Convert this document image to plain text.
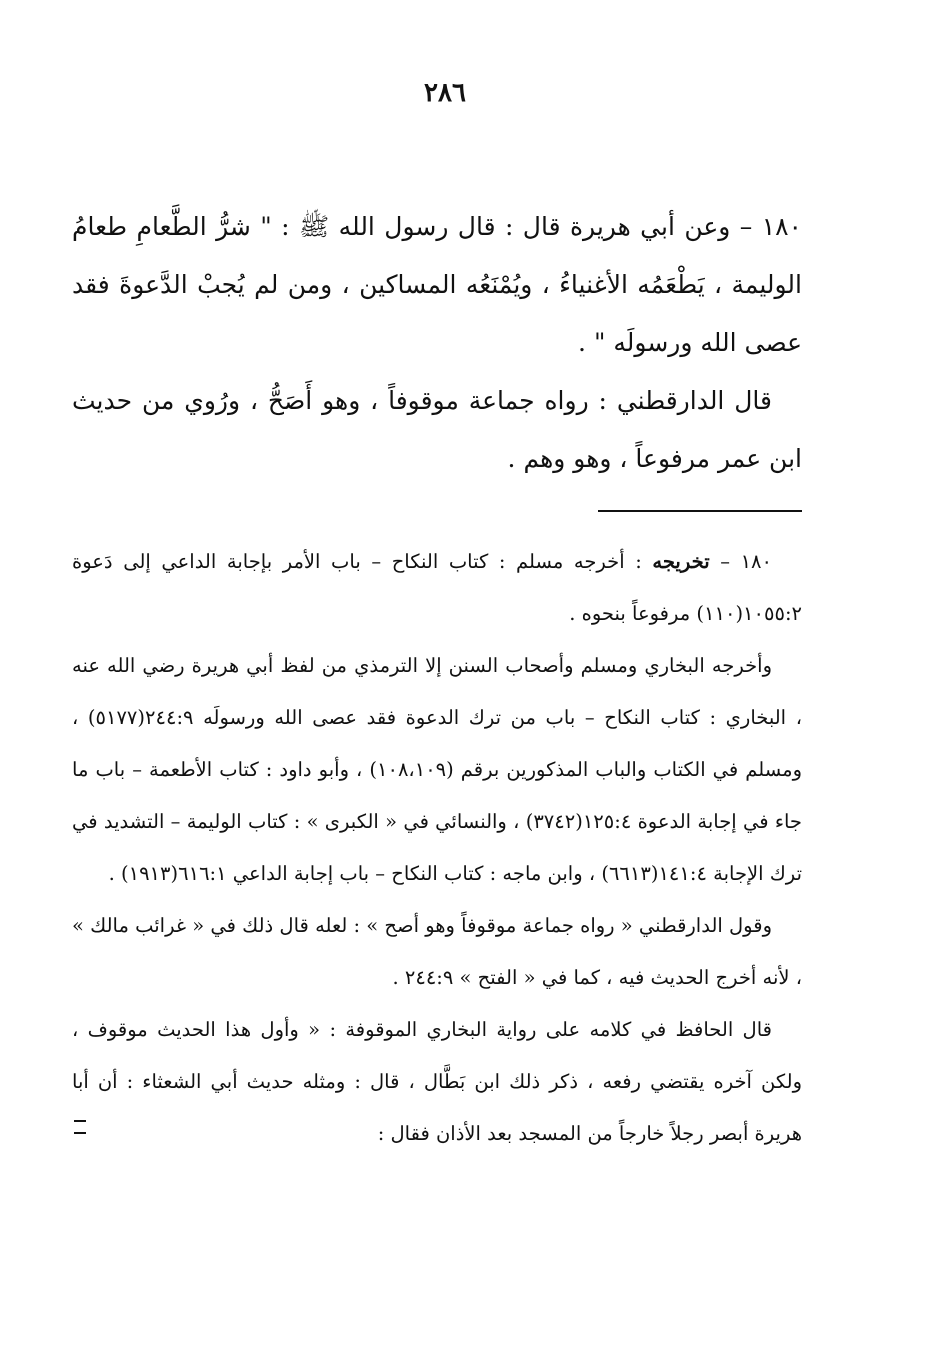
٢٨٦

١٨٠ – وعن أبي هريرة قال : قال رسول الله ﷺ : " شرُّ الطَّعامِ طعامُ الوليمة ، يَطْعَمُه الأغنياءُ ، ويُمْنَعُه المساكين ، ومن لم يُجبْ الدَّعوةَ فقد عصى الله ورسولَه " .

قال الدارقطني : رواه جماعة موقوفاً ، وهو أَصَحُّ ، ورُوي من حديث ابن عمر مرفوعاً ، وهو وهم .

١٨٠ – تخريجه : أخرجه مسلم : كتاب النكاح – باب الأمر بإجابة الداعي إلى دَعوة ١٠٥٥:٢(١١٠) مرفوعاً بنحوه .

وأخرجه البخاري ومسلم وأصحاب السنن إلا الترمذي من لفظ أبي هريرة رضي الله عنه ، البخاري : كتاب النكاح – باب من ترك الدعوة فقد عصى الله ورسولَه ٢٤٤:٩(٥١٧٧) ، ومسلم في الكتاب والباب المذكورين برقم (١٠٨،١٠٩) ، وأبو داود : كتاب الأطعمة – باب ما جاء في إجابة الدعوة ١٢٥:٤(٣٧٤٢) ، والنسائي في « الكبرى » : كتاب الوليمة – التشديد في ترك الإجابة ١٤١:٤(٦٦١٣) ، وابن ماجه : كتاب النكاح – باب إجابة الداعي ٦١٦:١(١٩١٣) .

وقول الدارقطني « رواه جماعة موقوفاً وهو أصح » : لعله قال ذلك في « غرائب مالك » ، لأنه أخرج الحديث فيه ، كما في « الفتح » ٢٤٤:٩ .

قال الحافظ في كلامه على رواية البخاري الموقوفة : « وأول هذا الحديث موقوف ، ولكن آخره يقتضي رفعه ، ذكر ذلك ابن بَطَّال ، قال : ومثله حديث أبي الشعثاء : أن أبا هريرة أبصر رجلاً خارجاً من المسجد بعد الأذان فقال :
